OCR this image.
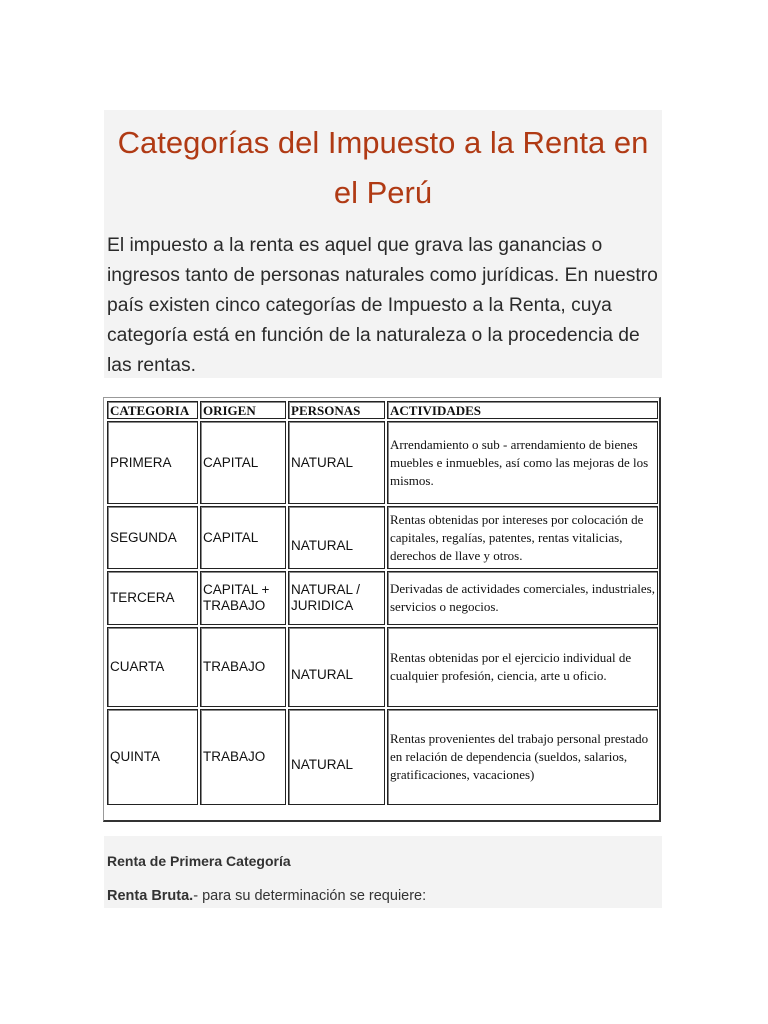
Categorías del Impuesto a la Renta en el Perú

El impuesto a la renta es aquel que grava las ganancias o ingresos tanto de personas naturales como jurídicas. En nuestro país existen cinco categorías de Impuesto a la Renta, cuya categoría está en función de la naturaleza o la procedencia de las rentas.

CATEGORIA	ORIGEN	PERSONAS	ACTIVIDADES
PRIMERA	CAPITAL	NATURAL	Arrendamiento o sub - arrendamiento de bienes muebles e inmuebles, así como las mejoras de los mismos.
SEGUNDA	CAPITAL	NATURAL	Rentas obtenidas por intereses por colocación de capitales, regalías, patentes, rentas vitalicias, derechos de llave y otros.
TERCERA	CAPITAL + TRABAJO	NATURAL / JURIDICA	Derivadas de actividades comerciales, industriales, servicios o negocios.
CUARTA	TRABAJO	NATURAL	Rentas obtenidas por el ejercicio individual de cualquier profesión, ciencia, arte u oficio.
QUINTA	TRABAJO	NATURAL	Rentas provenientes del trabajo personal prestado en relación de dependencia (sueldos, salarios, gratificaciones, vacaciones)
Renta de Primera Categoría

Renta Bruta.- para su determinación se requiere:
